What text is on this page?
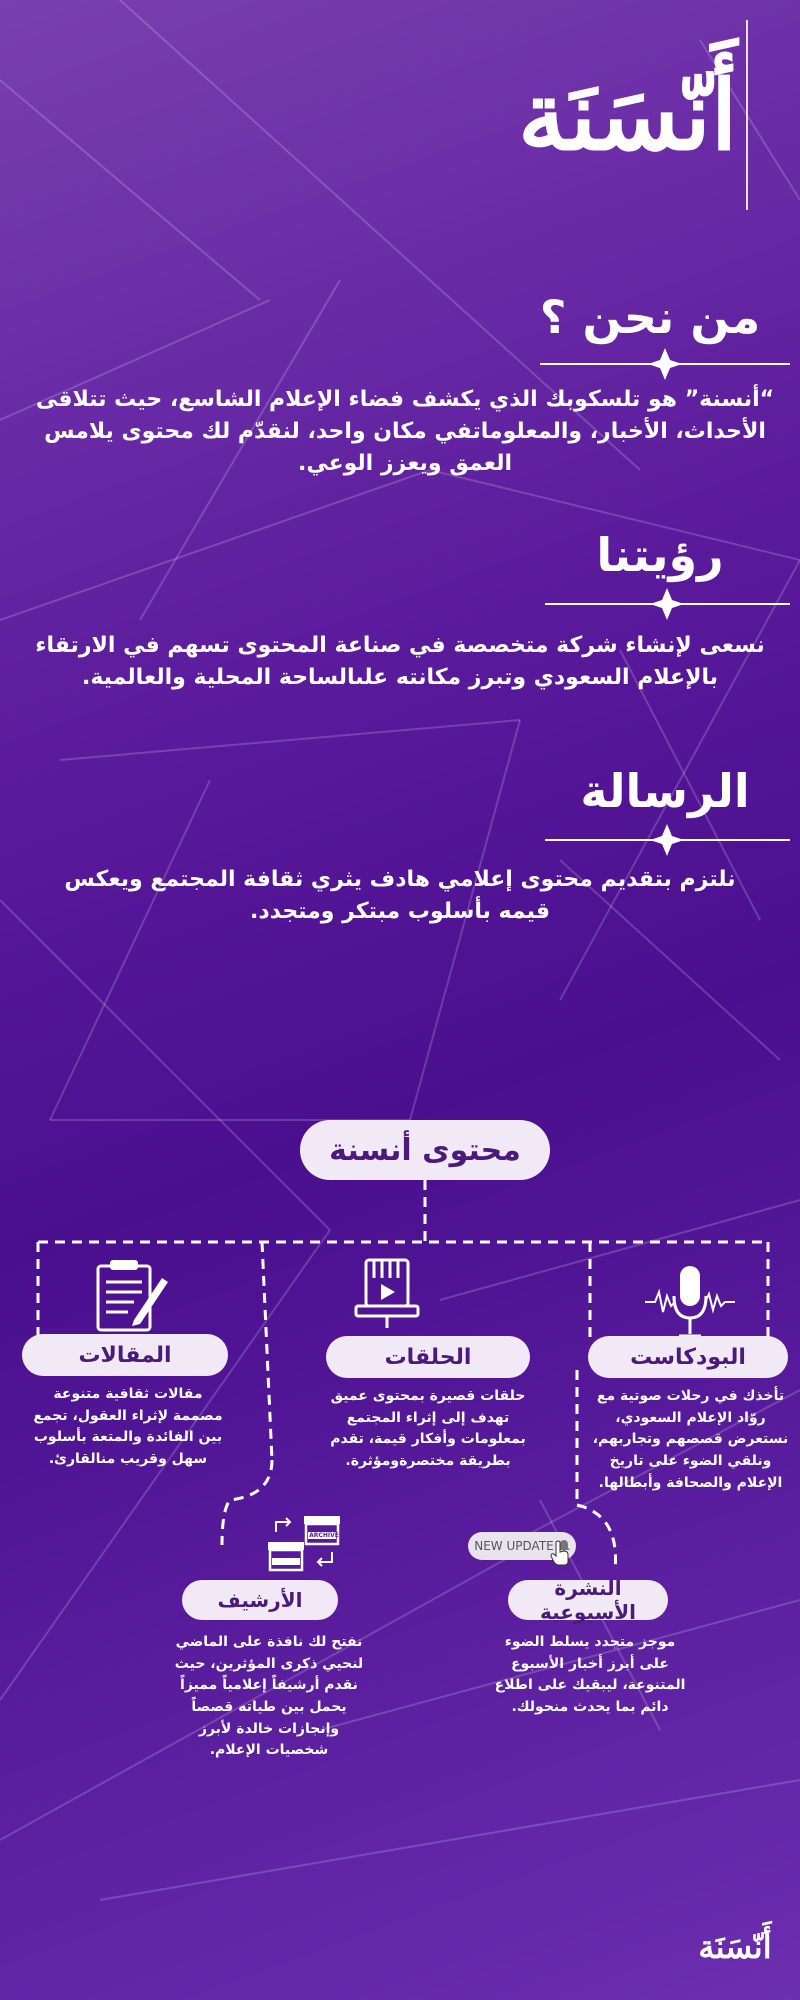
أَنّسَنَة
من نحن ؟
“أنسنة” هو تلسكوبك الذي يكشف فضاء الإعلام الشاسع، حيث تتلاقى الأحداث، الأخبار، والمعلوماتفي مكان واحد، لنقدّم لك محتوى يلامس العمق ويعزز الوعي.
رؤيتنا
نسعى لإنشاء شركة متخصصة في صناعة المحتوى تسهم في الارتقاء بالإعلام السعودي وتبرز مكانته علىالساحة المحلية والعالمية.
الرسالة
نلتزم بتقديم محتوى إعلامي هادف يثري ثقافة المجتمع ويعكس قيمه بأسلوب مبتكر ومتجدد.
محتوى أنسنة
البودكاست
تأخذك في رحلات صوتية مع روّاد الإعلام السعودي، نستعرض قصصهم وتجاربهم، ونلقي الضوء على تاريخ الإعلام والصحافة وأبطالها.
الحلقات
حلقات قصيرة بمحتوى عميق تهدف إلى إثراء المجتمع بمعلومات وأفكار قيمة، تقدم بطريقة مختصرةومؤثرة.
المقالات
مقالات ثقافية متنوعة مصممة لإثراء العقول، تجمع بين الفائدة والمتعة بأسلوب سهل وقريب منالقارئ.
NEW UPDATE
النشرة الأسبوعية
موجز متجدد يسلط الضوء على أبرز أخبار الأسبوع المتنوعة، ليبقيك على اطلاع دائم بما يحدث منحولك.
ARCHIVE
الأرشيف
نفتح لك نافذة على الماضي لنحيي ذكرى المؤثرين، حيث نقدم أرشيفاً إعلامياً مميزاً يحمل بين طياته قصصاً وإنجازات خالدة لأبرز شخصيات الإعلام.
أَنّسَنَة
